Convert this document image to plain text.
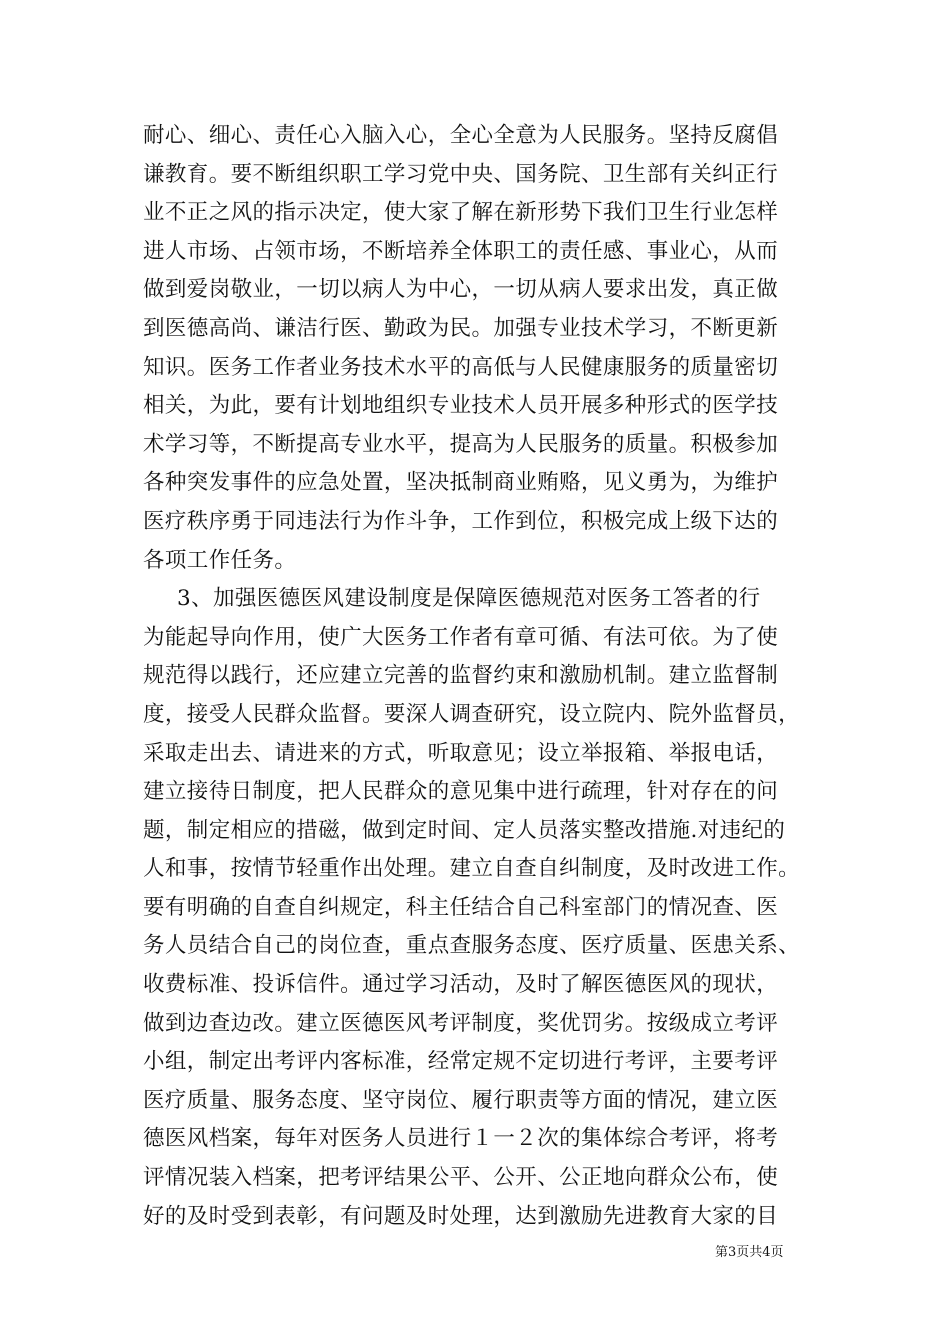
耐心、细心、责任心入脑入心，全心全意为人民服务。坚持反腐倡
谦教育。要不断组织职工学习党中央、国务院、卫生部有关纠正行
业不正之风的指示决定，使大家了解在新形势下我们卫生行业怎样
进人市场、占领市场，不断培养全体职工的责任感、事业心，从而
做到爱岗敬业，一切以病人为中心，一切从病人要求出发，真正做
到医德高尚、谦洁行医、勤政为民。加强专业技术学习，不断更新
知识。医务工作者业务技术水平的高低与人民健康服务的质量密切
相关，为此，要有计划地组织专业技术人员开展多种形式的医学技
术学习等，不断提高专业水平，提高为人民服务的质量。积极参加
各种突发事件的应急处置，坚决抵制商业贿赂，见义勇为，为维护
医疗秩序勇于同违法行为作斗争，工作到位，积极完成上级下达的
各项工作任务。
3、加强医德医风建设制度是保障医德规范对医务工答者的行
为能起导向作用，使广大医务工作者有章可循、有法可依。为了使
规范得以践行，还应建立完善的监督约束和激励机制。建立监督制
度，接受人民群众监督。要深人调查研究，设立院内、院外监督员，
采取走出去、请进来的方式，听取意见；设立举报箱、举报电话，
建立接待日制度，把人民群众的意见集中进行疏理，针对存在的问
题，制定相应的措磁，做到定时间、定人员落实整改措施.对违纪的
人和事，按情节轻重作出处理。建立自查自纠制度，及时改进工作。
要有明确的自查自纠规定，科主任结合自己科室部门的情况查、医
务人员结合自己的岗位查，重点查服务态度、医疗质量、医患关系、
收费标准、投诉信件。通过学习活动，及时了解医德医风的现状，
做到边查边改。建立医德医风考评制度，奖优罚劣。按级成立考评
小组，制定出考评内客标准，经常定规不定切进行考评，主要考评
医疗质量、服务态度、坚守岗位、履行职责等方面的情况，建立医
德医风档案，每年对医务人员进行１一２次的集体综合考评，将考
评情况装入档案，把考评结果公平、公开、公正地向群众公布，使
好的及时受到表彰，有问题及时处理，达到激励先进教育大家的目
第3页共4页
